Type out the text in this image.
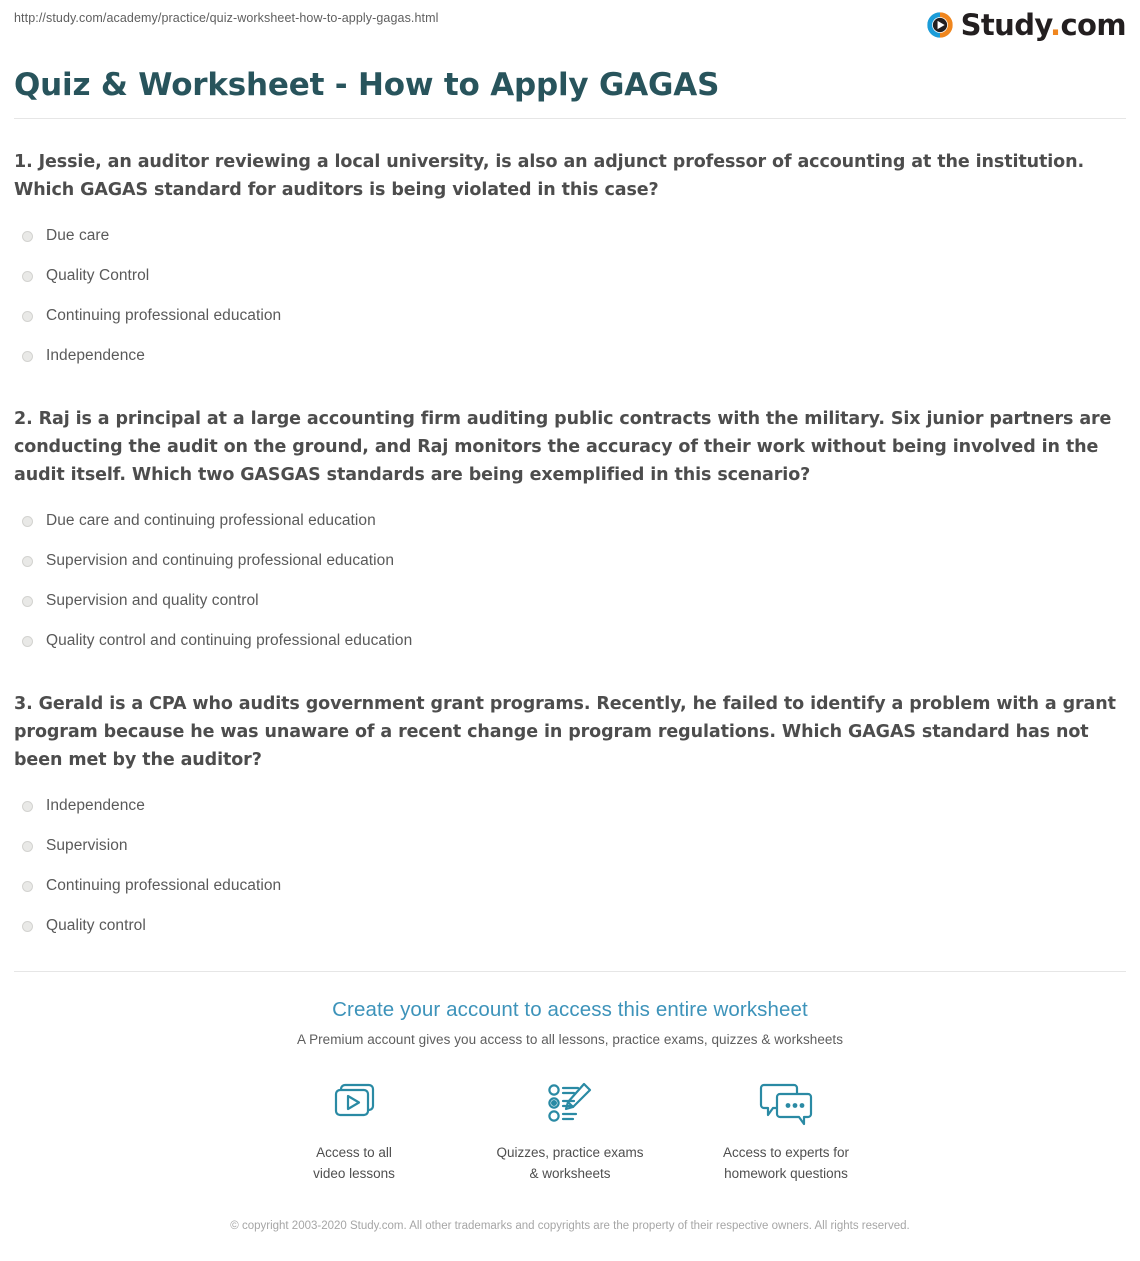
http://study.com/academy/practice/quiz-worksheet-how-to-apply-gagas.html	Study.com
Quiz & Worksheet - How to Apply GAGAS

1. Jessie, an auditor reviewing a local university, is also an adjunct professor of accounting at the institution. Which GAGAS standard for auditors is being violated in this case?

Due care
Quality Control
Continuing professional education
Independence

2. Raj is a principal at a large accounting firm auditing public contracts with the military. Six junior partners are conducting the audit on the ground, and Raj monitors the accuracy of their work without being involved in the audit itself. Which two GASGAS standards are being exemplified in this scenario?

Due care and continuing professional education
Supervision and continuing professional education
Supervision and quality control
Quality control and continuing professional education

3. Gerald is a CPA who audits government grant programs. Recently, he failed to identify a problem with a grant program because he was unaware of a recent change in program regulations. Which GAGAS standard has not been met by the auditor?

Independence
Supervision
Continuing professional education
Quality control
Create your account to access this entire worksheet
A Premium account gives you access to all lessons, practice exams, quizzes & worksheets
Access to all
video lessons
Quizzes, practice exams
& worksheets
Access to experts for
homework questions
© copyright 2003-2020 Study.com. All other trademarks and copyrights are the property of their respective owners. All rights reserved.
